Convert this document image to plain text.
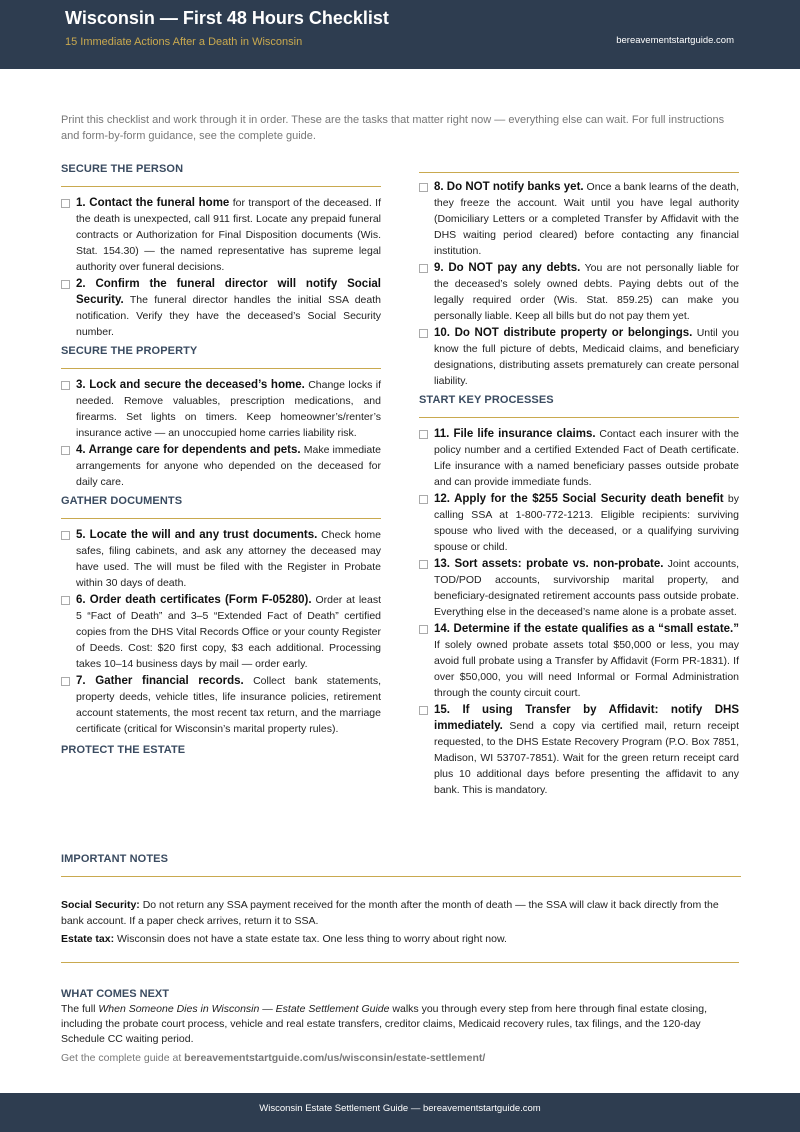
Wisconsin — First 48 Hours Checklist
15 Immediate Actions After a Death in Wisconsin	bereavementstartguide.com
Print this checklist and work through it in order. These are the tasks that matter right now — everything else can wait. For full instructions and form-by-form guidance, see the complete guide.
SECURE THE PERSON
1. Contact the funeral home for transport of the deceased. If the death is unexpected, call 911 first. Locate any prepaid funeral contracts or Authorization for Final Disposition documents (Wis. Stat. 154.30) — the named representative has supreme legal authority over funeral decisions.
2. Confirm the funeral director will notify Social Security. The funeral director handles the initial SSA death notification. Verify they have the deceased’s Social Security number.
SECURE THE PROPERTY
3. Lock and secure the deceased’s home. Change locks if needed. Remove valuables, prescription medications, and firearms. Set lights on timers. Keep homeowner’s/renter’s insurance active — an unoccupied home carries liability risk.
4. Arrange care for dependents and pets. Make immediate arrangements for anyone who depended on the deceased for daily care.
GATHER DOCUMENTS
5. Locate the will and any trust documents. Check home safes, filing cabinets, and ask any attorney the deceased may have used. The will must be filed with the Register in Probate within 30 days of death.
6. Order death certificates (Form F-05280). Order at least 5 “Fact of Death” and 3–5 “Extended Fact of Death” certified copies from the DHS Vital Records Office or your county Register of Deeds. Cost: $20 first copy, $3 each additional. Processing takes 10–14 business days by mail — order early.
7. Gather financial records. Collect bank statements, property deeds, vehicle titles, life insurance policies, retirement account statements, the most recent tax return, and the marriage certificate (critical for Wisconsin’s marital property rules).
PROTECT THE ESTATE
8. Do NOT notify banks yet. Once a bank learns of the death, they freeze the account. Wait until you have legal authority (Domiciliary Letters or a completed Transfer by Affidavit with the DHS waiting period cleared) before contacting any financial institution.
9. Do NOT pay any debts. You are not personally liable for the deceased’s solely owned debts. Paying debts out of the legally required order (Wis. Stat. 859.25) can make you personally liable. Keep all bills but do not pay them yet.
10. Do NOT distribute property or belongings. Until you know the full picture of debts, Medicaid claims, and beneficiary designations, distributing assets prematurely can create personal liability.
START KEY PROCESSES
11. File life insurance claims. Contact each insurer with the policy number and a certified Extended Fact of Death certificate. Life insurance with a named beneficiary passes outside probate and can provide immediate funds.
12. Apply for the $255 Social Security death benefit by calling SSA at 1-800-772-1213. Eligible recipients: surviving spouse who lived with the deceased, or a qualifying surviving spouse or child.
13. Sort assets: probate vs. non-probate. Joint accounts, TOD/POD accounts, survivorship marital property, and beneficiary-designated retirement accounts pass outside probate. Everything else in the deceased’s name alone is a probate asset.
14. Determine if the estate qualifies as a “small estate.” If solely owned probate assets total $50,000 or less, you may avoid full probate using a Transfer by Affidavit (Form PR-1831). If over $50,000, you will need Informal or Formal Administration through the county circuit court.
15. If using Transfer by Affidavit: notify DHS immediately. Send a copy via certified mail, return receipt requested, to the DHS Estate Recovery Program (P.O. Box 7851, Madison, WI 53707-7851). Wait for the green return receipt card plus 10 additional days before presenting the affidavit to any bank. This is mandatory.
IMPORTANT NOTES
Social Security: Do not return any SSA payment received for the month after the month of death — the SSA will claw it back directly from the bank account. If a paper check arrives, return it to SSA.
Estate tax: Wisconsin does not have a state estate tax. One less thing to worry about right now.
WHAT COMES NEXT
The full When Someone Dies in Wisconsin — Estate Settlement Guide walks you through every step from here through final estate closing, including the probate court process, vehicle and real estate transfers, creditor claims, Medicaid recovery rules, tax filings, and the 120-day Schedule CC waiting period.
Get the complete guide at bereavementstartguide.com/us/wisconsin/estate-settlement/
Wisconsin Estate Settlement Guide — bereavementstartguide.com
